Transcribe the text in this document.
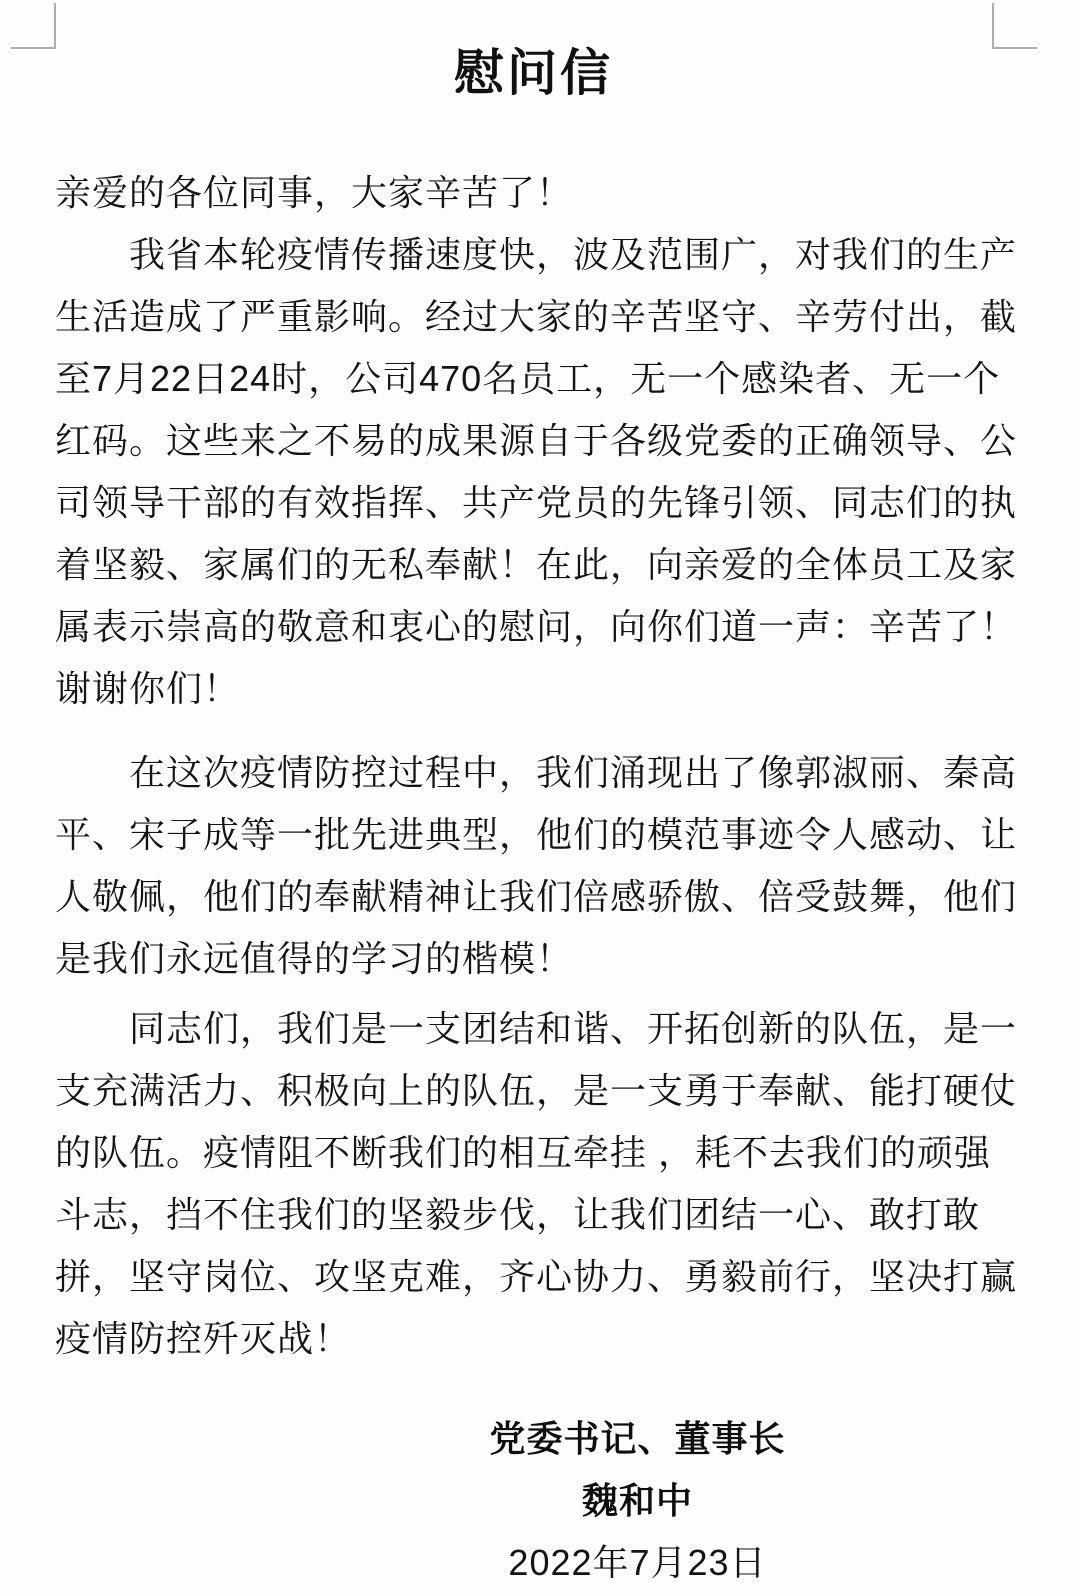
慰问信
亲爱的各位同事，大家辛苦了！
我省本轮疫情传播速度快，波及范围广，对我们的生产
生活造成了严重影响。经过大家的辛苦坚守、辛劳付出，截
至7月22日24时，公司470名员工，无一个感染者、无一个
红码。这些来之不易的成果源自于各级党委的正确领导、公
司领导干部的有效指挥、共产党员的先锋引领、同志们的执
着坚毅、家属们的无私奉献！在此，向亲爱的全体员工及家
属表示崇高的敬意和衷心的慰问，向你们道一声：辛苦了！
谢谢你们！
在这次疫情防控过程中，我们涌现出了像郭淑丽、秦高
平、宋子成等一批先进典型，他们的模范事迹令人感动、让
人敬佩，他们的奉献精神让我们倍感骄傲、倍受鼓舞，他们
是我们永远值得的学习的楷模！
同志们，我们是一支团结和谐、开拓创新的队伍，是一
支充满活力、积极向上的队伍，是一支勇于奉献、能打硬仗
的队伍。疫情阻不断我们的相互牵挂 ，耗不去我们的顽强
斗志，挡不住我们的坚毅步伐，让我们团结一心、敢打敢
拼，坚守岗位、攻坚克难，齐心协力、勇毅前行，坚决打赢
疫情防控歼灭战！
党委书记、董事长
魏和中
2022年7月23日
